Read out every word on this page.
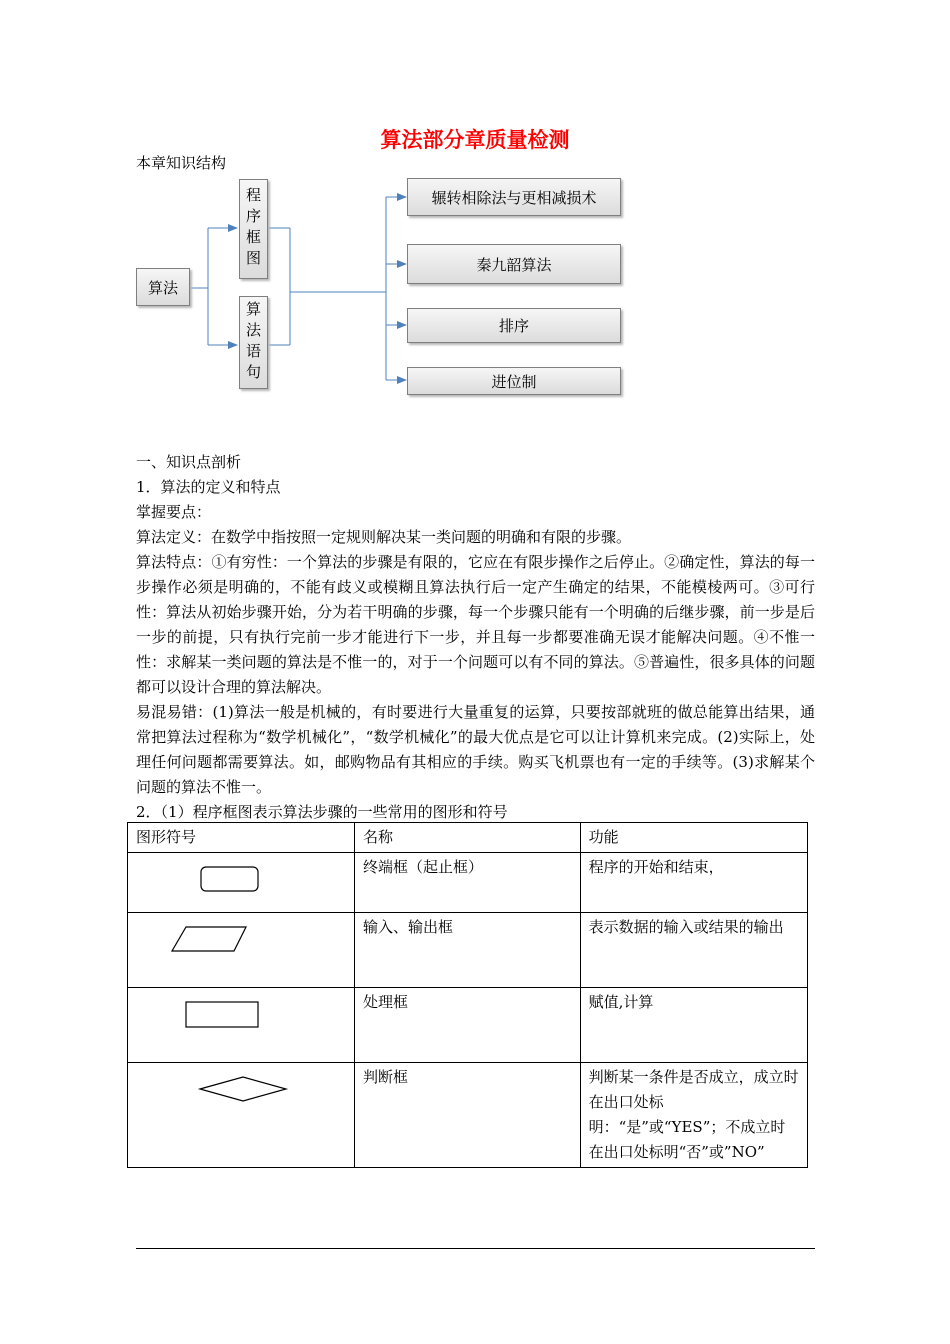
算法部分章质量检测
本章知识结构
算法
程序框图
算法语句
辗转相除法与更相减损术
秦九韶算法
排序
进位制

一、知识点剖析

1．算法的定义和特点

掌握要点：

算法定义：在数学中指按照一定规则解决某一类问题的明确和有限的步骤。

算法特点：①有穷性：一个算法的步骤是有限的，它应在有限步操作之后停止。②确定性，算法的每一步操作必须是明确的，不能有歧义或模糊且算法执行后一定产生确定的结果，不能模棱两可。③可行性：算法从初始步骤开始，分为若干明确的步骤，每一个步骤只能有一个明确的后继步骤，前一步是后一步的前提，只有执行完前一步才能进行下一步，并且每一步都要准确无误才能解决问题。④不惟一性：求解某一类问题的算法是不惟一的，对于一个问题可以有不同的算法。⑤普遍性，很多具体的问题都可以设计合理的算法解决。

易混易错：(1)算法一般是机械的，有时要进行大量重复的运算，只要按部就班的做总能算出结果，通常把算法过程称为“数学机械化”，“数学机械化”的最大优点是它可以让计算机来完成。(2)实际上，处理任何问题都需要算法。如，邮购物品有其相应的手续。购买飞机票也有一定的手续等。(3)求解某个问题的算法不惟一。

2．（1）程序框图表示算法步骤的一些常用的图形和符号

图形符号	名称	功能

	终端框（起止框）	程序的开始和结束，

	输入、输出框	表示数据的输入或结果的输出

	处理框	赋值,计算

	判断框	判断某一条件是否成立，成立时在出口处标明：“是”或“YES”；不成立时在出口处标明“否”或”NO”
